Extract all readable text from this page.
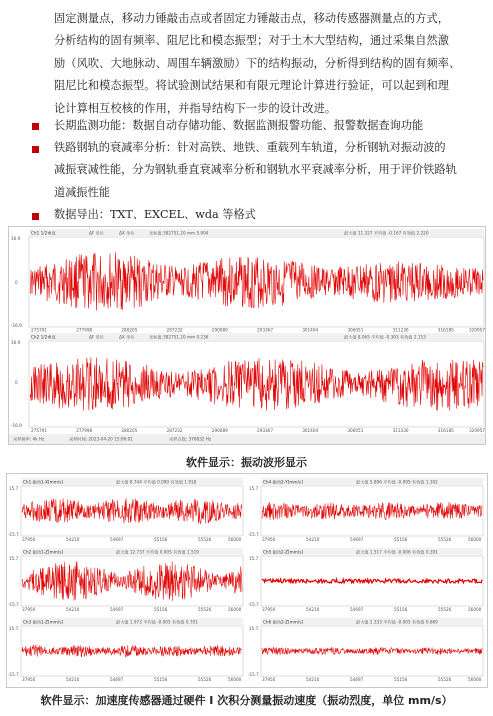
固定测量点，移动力锤敲击点或者固定力锤敲击点，移动传感器测量点的方式，
分析结构的固有频率、阻尼比和模态振型；对于土木大型结构，通过采集自然激
励（风吹、大地脉动、周围车辆激励）下的结构振动，分析得到结构的固有频率、
阻尼比和模态振型。将试验测试结果和有限元理论计算进行验证，可以起到和理
论计算相互校核的作用，并指导结构下一步的设计改进。
长期监测功能：数据自动存储功能、数据监测报警功能、报警数据查询功能
铁路钢轨的衰减率分析：针对高铁、地铁、重载列车轨道，分析钢轨对振动波的
减振衰减性能，分为钢轨垂直衰减率分析和钢轨水平衰减率分析，用于评价铁路轨
道减振性能
数据导出：TXT、EXCEL、wda 等格式
Ch1 1/2垂直	ΔF 单位	ΔX 单位	光标值:382751.20 mm 5.904	最大值 11.327 平均值 -0.167 有效值 2.220
16.9
0
-16.9
275791	277998	280205	287232	290089	293367	301404	306051	311230	316185	320957
Ch2 1/2垂直	ΔF 单位	ΔX 单位	光标值:382751.20 mm 0.236	最大值 8.065 平均值 -0.303 有效值 2.153
16.9
0
-16.9
275791	277998	280205	287232	290089	293367	301404	306051	311230	316185	320957
采样频率: 4k Hz	采样时间: 2023-04-20 15:06:01	采样点数: 376832 Hz
软件显示：振动波形显示
Ch1 振动1-X[mm/s]	最大值 8.744 平均值 0.090 有效值 1.918
15.7
-15.7
37950	54210	54697	55156	55526	56000
Ch4 振动2-Y[mm/s]	最大值 5.896 平均值 -0.095 有效值 1.302
15.7
-15.7
37950	54210	54697	55156	55526	56000
Ch2 振动1-Z[mm/s]	最大值 12.737 平均值 0.005 有效值 1.519
15.7
-15.7
37950	54210	54697	55156	55526	56000
Ch5 振动2-Z[mm/s]	最大值 1.517 平均值 -0.006 有效值 0.391
15.7
-15.7
37950	54210	54697	55156	55526	56000
Ch3 振动1-Z[mm/s]	最大值 1.973 平均值 -0.005 有效值 0.701
15.7
-15.7
37950	54210	54697	55156	55526	56000
Ch6 振动2-Z[mm/s]	最大值 2.333 平均值 -0.005 有效值 0.669
15.7
-15.7
37950	54210	54697	55156	55526	56000
软件显示：加速度传感器通过硬件 I 次积分测量振动速度（振动烈度，单位 mm/s）
